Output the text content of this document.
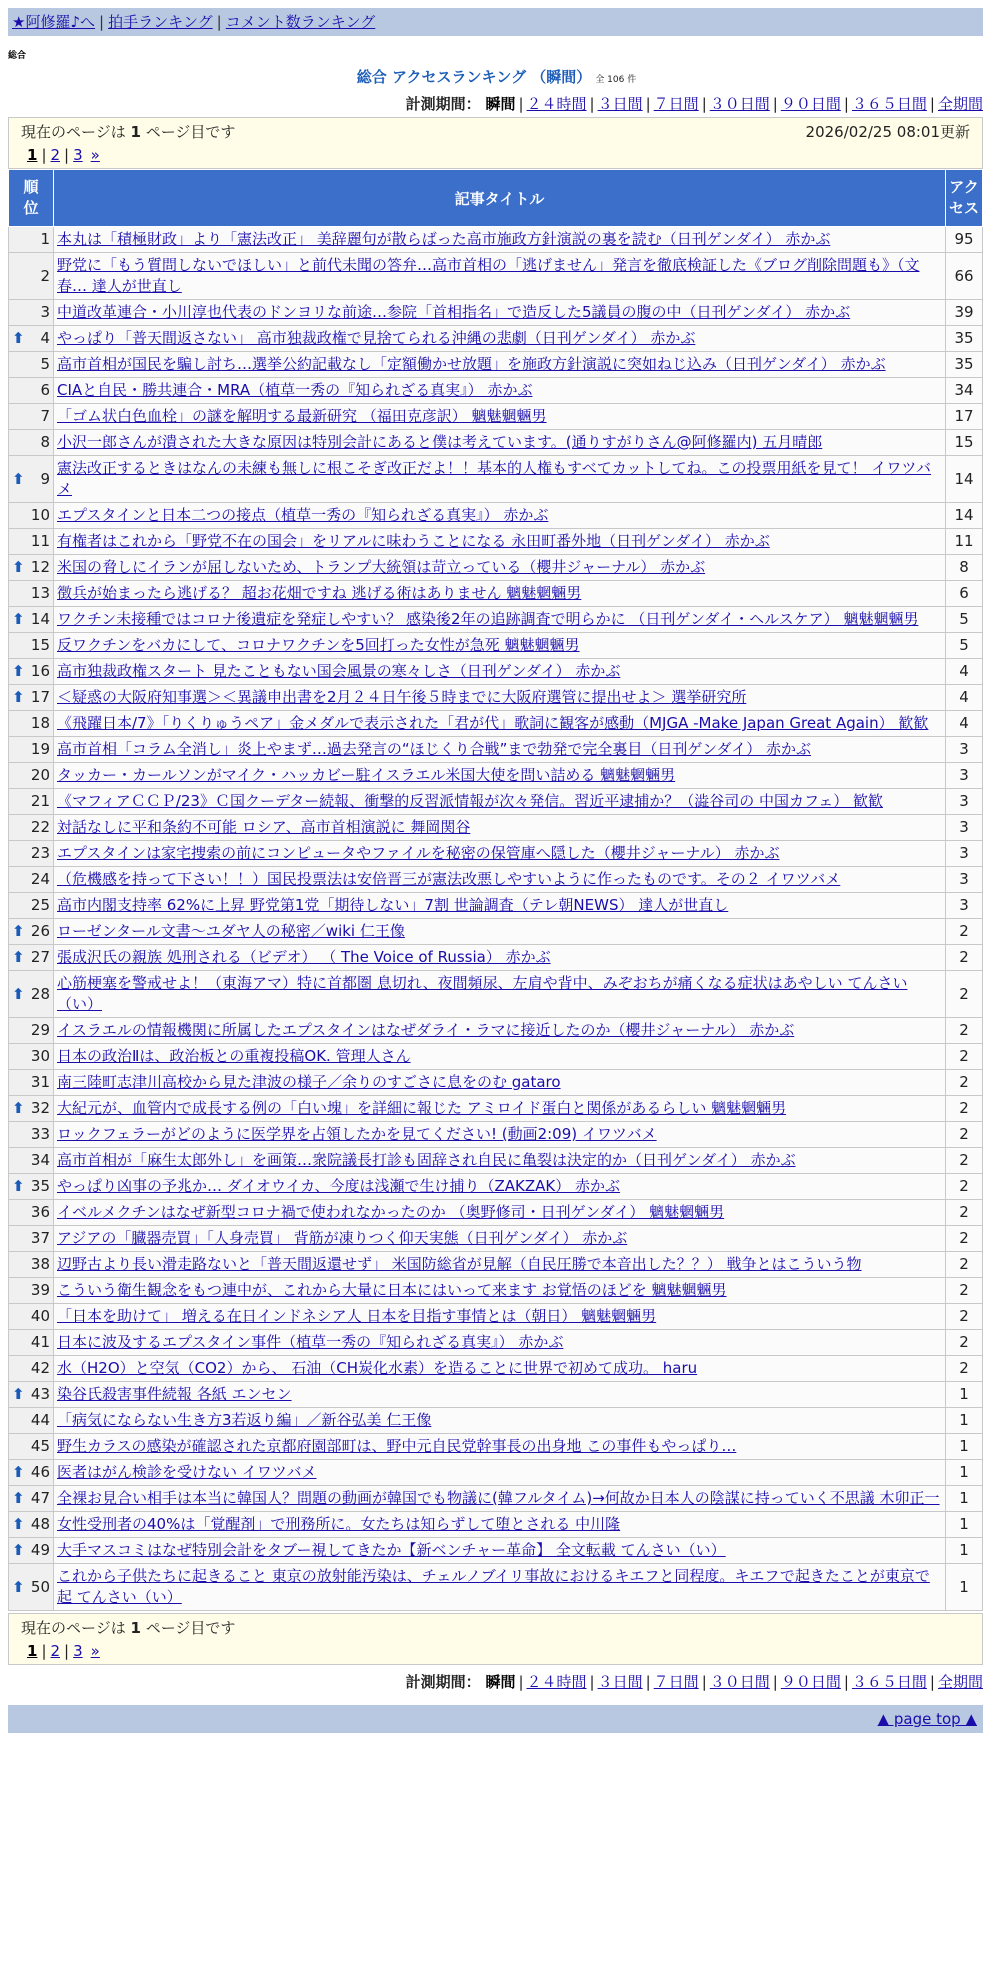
★阿修羅♪へ | 拍手ランキング | コメント数ランキング
総合
総合 アクセスランキング （瞬間） 全 106 件
計測期間： 瞬間 | ２４時間 | ３日間 | ７日間 | ３０日間 | ９０日間 | ３６５日間 | 全期間
現在のページは 1 ページ目です	2026/02/25 08:01更新
1 | 2 | 3 »
順位	記事タイトル	アクセス
1	本丸は「積極財政」より「憲法改正」 美辞麗句が散らばった高市施政方針演説の裏を読む（日刊ゲンダイ） 赤かぶ	95
2	野党に「もう質問しないでほしい」と前代未聞の答弁…高市首相の「逃げません」発言を徹底検証した《ブログ削除問題も》（文春… 達人が世直し	66
3	中道改革連合・小川淳也代表のドンヨリな前途…参院「首相指名」で造反した5議員の腹の中（日刊ゲンダイ） 赤かぶ	39

⬆ 4	やっぱり「普天間返さない」 高市独裁政権で見捨てられる沖縄の悲劇（日刊ゲンダイ） 赤かぶ	35
5	高市首相が国民を騙し討ち…選挙公約記載なし「定額働かせ放題」を施政方針演説に突如ねじ込み（日刊ゲンダイ） 赤かぶ	35
6	CIAと自民・勝共連合・MRA（植草一秀の『知られざる真実』） 赤かぶ	34
7	「ゴム状白色血栓」の謎を解明する最新研究 （福田克彦訳） 魑魅魍魎男	17
8	小沢一郎さんが潰された大きな原因は特別会計にあると僕は考えています。(通りすがりさん@阿修羅内) 五月晴郎	15

⬆ 9	憲法改正するときはなんの未練も無しに根こそぎ改正だよ！！基本的人権もすべてカットしてね。この投票用紙を見て！ イワツバメ	14
10	エプスタインと日本二つの接点（植草一秀の『知られざる真実』） 赤かぶ	14
11	有権者はこれから「野党不在の国会」をリアルに味わうことになる 永田町番外地（日刊ゲンダイ） 赤かぶ	11

⬆ 12	米国の脅しにイランが屈しないため、トランプ大統領は苛立っている（櫻井ジャーナル） 赤かぶ	8
13	徴兵が始まったら逃げる？ 超お花畑ですね 逃げる術はありません 魑魅魍魎男	6

⬆ 14	ワクチン未接種ではコロナ後遺症を発症しやすい？ 感染後2年の追跡調査で明らかに （日刊ゲンダイ・ヘルスケア） 魑魅魍魎男	5
15	反ワクチンをバカにして、コロナワクチンを5回打った女性が急死 魑魅魍魎男	5

⬆ 16	高市独裁政権スタート 見たこともない国会風景の寒々しさ（日刊ゲンダイ） 赤かぶ	4

⬆ 17	＜疑惑の大阪府知事選＞＜異議申出書を2月２４日午後５時までに大阪府選管に提出せよ＞ 選挙研究所	4
18	《飛躍日本/7》「りくりゅうペア」金メダルで表示された「君が代」歌詞に観客が感動（MJGA -Make Japan Great Again） 歓歓	4
19	高市首相「コラム全消し」炎上やまず…過去発言の“ほじくり合戦”まで勃発で完全裏目（日刊ゲンダイ） 赤かぶ	3
20	タッカー・カールソンがマイク・ハッカビー駐イスラエル米国大使を問い詰める 魑魅魍魎男	3
21	《マフィアＣＣＰ/23》Ｃ国クーデター続報、衝撃的反習派情報が次々発信。習近平逮捕か？（澁谷司の 中国カフェ） 歓歓	3
22	対話なしに平和条約不可能 ロシア、高市首相演説に 舞岡関谷	3
23	エプスタインは家宅捜索の前にコンピュータやファイルを秘密の保管庫へ隠した（櫻井ジャーナル） 赤かぶ	3
24	（危機感を持って下さい！！）国民投票法は安倍晋三が憲法改悪しやすいように作ったものです。その２ イワツバメ	3
25	高市内閣支持率 62%に上昇 野党第1党「期待しない」7割 世論調査（テレ朝NEWS） 達人が世直し	3

⬆ 26	ローゼンタール文書〜ユダヤ人の秘密／wiki 仁王像	2

⬆ 27	張成沢氏の親族 処刑される（ビデオ） （ The Voice of Russia） 赤かぶ	2

⬆ 28	心筋梗塞を警戒せよ！（東海アマ）特に首都圏 息切れ、夜間頻尿、左肩や背中、みぞおちが痛くなる症状はあやしい てんさい（い）	2
29	イスラエルの情報機関に所属したエプスタインはなぜダライ・ラマに接近したのか（櫻井ジャーナル） 赤かぶ	2
30	日本の政治Ⅱは、政治板との重複投稿OK. 管理人さん	2
31	南三陸町志津川高校から見た津波の様子／余りのすごさに息をのむ gataro	2

⬆ 32	大紀元が、血管内で成長する例の「白い塊」を詳細に報じた アミロイド蛋白と関係があるらしい 魑魅魍魎男	2
33	ロックフェラーがどのように医学界を占領したかを見てください! (動画2:09) イワツバメ	2
34	高市首相が「麻生太郎外し」を画策…衆院議長打診も固辞され自民に亀裂は決定的か（日刊ゲンダイ） 赤かぶ	2

⬆ 35	やっぱり凶事の予兆か… ダイオウイカ、今度は浅瀬で生け捕り（ZAKZAK） 赤かぶ	2
36	イベルメクチンはなぜ新型コロナ禍で使われなかったのか （奥野修司・日刊ゲンダイ） 魑魅魍魎男	2
37	アジアの「臓器売買」「人身売買」 背筋が凍りつく仰天実態（日刊ゲンダイ） 赤かぶ	2
38	辺野古より長い滑走路ないと「普天間返還せず」 米国防総省が見解（自民圧勝で本音出した？？） 戦争とはこういう物	2
39	こういう衛生観念をもつ連中が、これから大量に日本にはいって来ます お覚悟のほどを 魑魅魍魎男	2
40	「日本を助けて」 増える在日インドネシア人 日本を目指す事情とは（朝日） 魑魅魍魎男	2
41	日本に波及するエプスタイン事件（植草一秀の『知られざる真実』） 赤かぶ	2
42	水（H2O）と空気（CO2）から、 石油（CH炭化水素）を造ることに世界で初めて成功。 haru	2

⬆ 43	染谷氏殺害事件続報 各紙 エンセン	1
44	「病気にならない生き方3若返り編」／新谷弘美 仁王像	1
45	野生カラスの感染が確認された京都府園部町は、野中元自民党幹事長の出身地 この事件もやっぱり…	1

⬆ 46	医者はがん検診を受けない イワツバメ	1

⬆ 47	全裸お見合い相手は本当に韓国人？問題の動画が韓国でも物議に(韓フルタイム)→何故か日本人の陰謀に持っていく不思議 木卯正一	1

⬆ 48	女性受刑者の40%は「覚醒剤」で刑務所に。女たちは知らずして堕とされる 中川隆	1

⬆ 49	大手マスコミはなぜ特別会計をタブー視してきたか【新ベンチャー革命】 全文転載 てんさい（い）	1

⬆ 50	これから子供たちに起きること 東京の放射能汚染は、チェルノブイリ事故におけるキエフと同程度。キエフで起きたことが東京で起 てんさい（い）	1
現在のページは 1 ページ目です
1 | 2 | 3 »
計測期間： 瞬間 | ２４時間 | ３日間 | ７日間 | ３０日間 | ９０日間 | ３６５日間 | 全期間
▲ page top ▲
